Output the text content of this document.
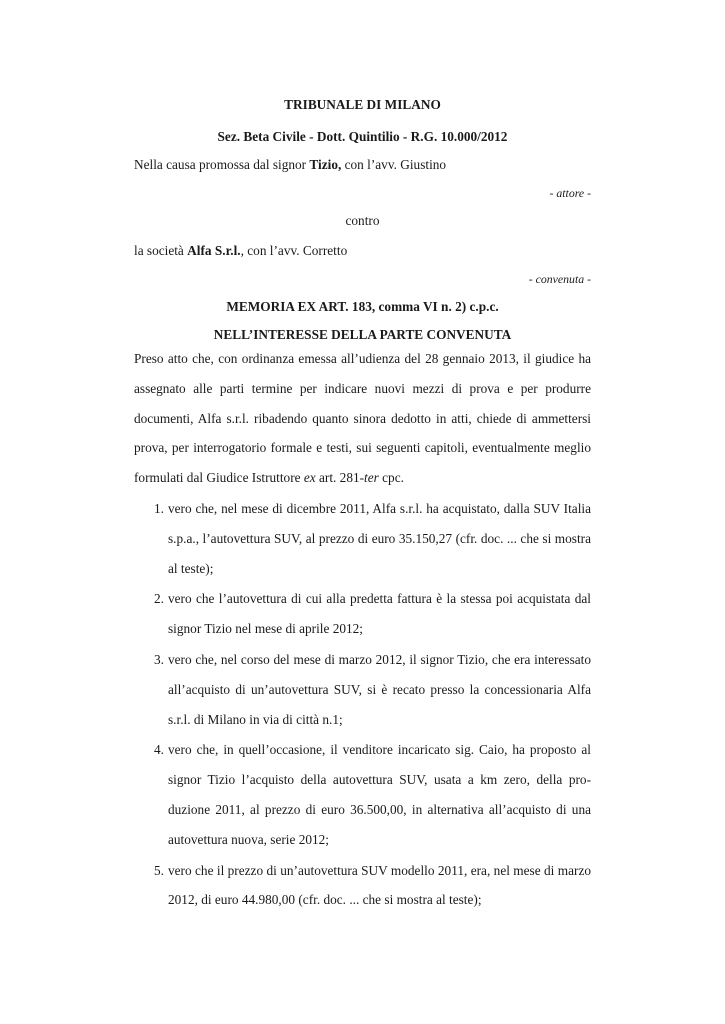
TRIBUNALE DI MILANO

Sez. Beta Civile - Dott. Quintilio - R.G. 10.000/2012

Nella causa promossa dal signor Tizio, con l’avv. Giustino

- attore -

contro

la società Alfa S.r.l., con l’avv. Corretto

- convenuta -

MEMORIA EX ART. 183, comma VI n. 2) c.p.c.

NELL’INTERESSE DELLA PARTE CONVENUTA

Preso atto che, con ordinanza emessa all’udienza del 28 gennaio 2013, il giudice ha assegnato alle parti termine per indicare nuovi mezzi di prova e per produrre documenti, Alfa s.r.l. ribadendo quanto sinora dedotto in atti, chiede di ammettersi prova, per interrogatorio formale e testi, sui seguenti capitoli, eventualmente meglio formulati dal Giudice Istruttore ex art. 281-ter cpc.

1. vero che, nel mese di dicembre 2011, Alfa s.r.l. ha acquistato, dalla SUV Italia s.p.a., l’autovettura SUV, al prezzo di euro 35.150,27 (cfr. doc. ... che si mostra al teste);
2. vero che l’autovettura di cui alla predetta fattura è la stessa poi acquistata dal signor Tizio nel mese di aprile 2012;
3. vero che, nel corso del mese di marzo 2012, il signor Tizio, che era interessato all’acquisto di un’autovettura SUV, si è recato presso la concessionaria Alfa s.r.l. di Milano in via di città n.1;
4. vero che, in quell’occasione, il venditore incaricato sig. Caio, ha proposto al signor Tizio l’acquisto della autovettura SUV, usata a km zero, della produzione 2011, al prezzo di euro 36.500,00, in alternativa all’acquisto di una autovettura nuova, serie 2012;
5. vero che il prezzo di un’autovettura SUV modello 2011, era, nel mese di marzo 2012, di euro 44.980,00 (cfr. doc. ... che si mostra al teste);
